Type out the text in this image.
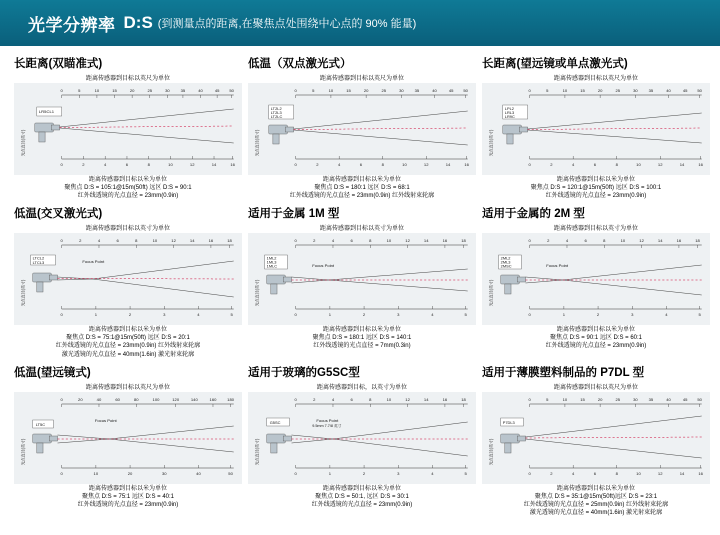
光学分辨率 D:S (到测量点的距离,在聚焦点处围绕中心点的 90% 能量)
长距离(双瞄准式)
距离传感器到目标以英尺为单位
0	5	10	15	20	25	30	35	40	45 50
LR5CL1
0	2	4	6	8	10	12	14	16
光点直径(英寸)
距离传感器到目标以米为单位
聚焦点 D:S = 105:1@15m(50ft) 远区 D:S = 90:1
红外线透镜的光点直径 = 23mm(0.9in)
低温（双点激光式）
距离传感器到目标以英尺为单位
0	5	10	15	20	25	30	35	40	45 50
LT2L2
LT2L3
LT2LC
0	2	4	6	8	10	12	14	16
光点直径(英寸)
距离传感器到目标以米为单位
聚焦点 D:S = 180:1 远区 D:S = 68:1
红外线透镜的光点直径 = 23mm(0.9in) 红外线射束轮廓
长距离(望远镜或单点激光式)
距离传感器到目标以英尺为单位
0	5	10	15	20	25	30	35	40	45 50
LPL2
LRL3
LR9C
0	2	4	6	8	10	12	14	16
光点直径(英寸)
距离传感器到目标以米为单位
聚焦点 D:S = 120:1@15m(50ft) 远区 D:S = 100:1
红外线透镜的光点直径 = 23mm(0.9in)
低温(交叉激光式)
距离传感器到目标以英寸为单位
0	2	4	6	8	10	12	14	16	18
LTCL2
LTCL3	Focus Point
0	1	2	3	4	5
光点直径(英寸)
距离传感器到目标以米为单位
聚焦点 D:S = 75:1@15m(50ft) 远区 D:S = 20:1
红外线透镜的光点直径 = 23mm(0.9in) 红外线射束轮廓
激光透镜的光点直径 = 40mm(1.6in) 激光射束轮廓
适用于金属 1M 型
距离传感器到目标以英寸为单位
0	2	4	6	8	10	12	14	16	18
1ML2
1ML3
1MLC	Focus Point
0	1	2	3	4	5
光点直径(英寸)
距离传感器到目标以米为单位
聚焦点 D:S = 180:1 远区 D:S = 140:1
红外线透镜的光点直径 = 7mm(0.3in)
适用于金属的 2M 型
距离传感器到目标以英寸为单位
0	2	4	6	8	10	12	14	16	18
2ML2
2ML3
2MSC	Focus Point
0	1	2	3	4	5
光点直径(英寸)
距离传感器到目标以米为单位
聚焦点 D:S = 90:1 远区 D:S = 60:1
红外线透镜的光点直径 = 23mm(0.9in)
低温(望远镜式)
距离传感器到目标以英尺为单位
0	20	40	60	80	100	120	140	160	180
LT5C
Focus Point
0	10	20	30	40	50
光点直径(英寸)
距离传感器到目标以米为单位
聚焦点 D:S = 75:1 远区 D:S = 40:1
红外线透镜的光点直径 = 23mm(0.9in)
适用于玻璃的G5SC型
距离传感器到目标，以英寸为单位
0	2	4	6	8	10	12	14	16	18
G5SC
Focus Point
9.5mm 7.7/8 英寸
0	1	2	3	4	5
光点直径(英寸)
距离传感器到目标以米为单位
聚焦点 D:S = 50:1, 远区 D:S = 30:1
红外线透镜的光点直径 = 23mm(0.9in)
适用于薄膜塑料制品的 P7DL 型
距离传感器到目标以英尺为单位
0	5	10	15	20	25	30	35	40	45 50
P7DL3
0	2	4	6	8	10	12	14	16
光点直径(英寸)
距离传感器到目标以米为单位
聚焦点 D:S = 35:1@15m(50ft)远区 D:S = 23:1
红外线透镜的光点直径 = 25mm(0.9in) 红外线射束轮廓
激光透镜的光点直径 = 40mm(1.6in) 激光射束轮廓
